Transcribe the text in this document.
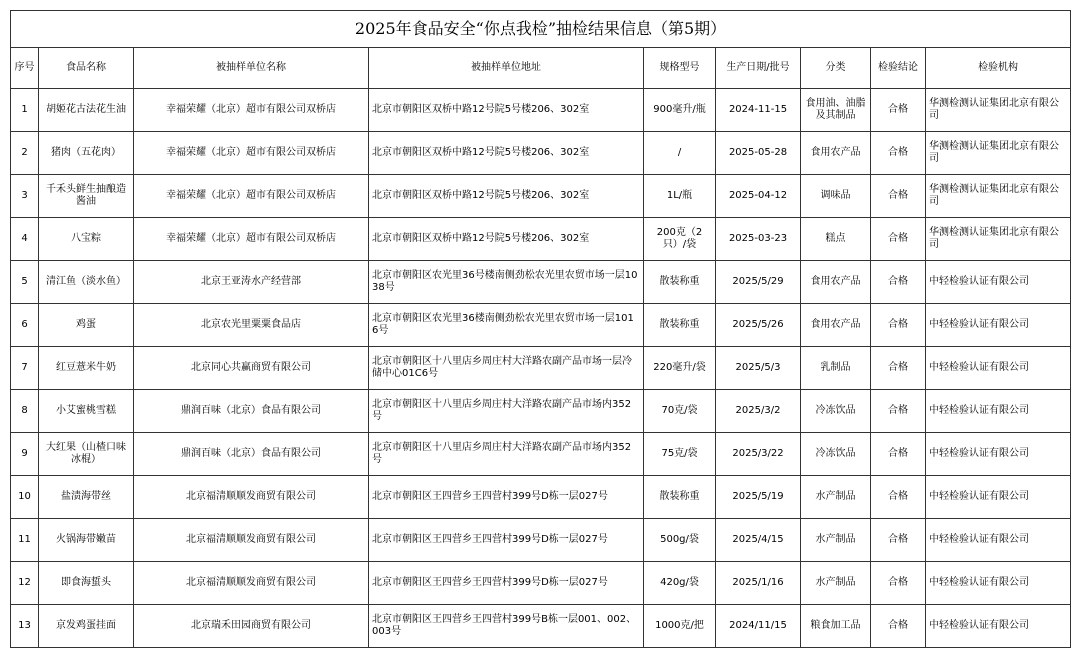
2025年食品安全“你点我检”抽检结果信息（第5期）								
序号	食品名称	被抽样单位名称	被抽样单位地址	规格型号	生产日期/批号	分类	检验结论	检验机构
1	胡姬花古法花生油	幸福荣耀（北京）超市有限公司双桥店	北京市朝阳区双桥中路12号院5号楼206、302室	900毫升/瓶	2024-11-15	食用油、油脂及其制品	合格	华测检测认证集团北京有限公司
2	猪肉（五花肉）	幸福荣耀（北京）超市有限公司双桥店	北京市朝阳区双桥中路12号院5号楼206、302室	/	2025-05-28	食用农产品	合格	华测检测认证集团北京有限公司
3	千禾头鲜生抽酿造酱油	幸福荣耀（北京）超市有限公司双桥店	北京市朝阳区双桥中路12号院5号楼206、302室	1L/瓶	2025-04-12	调味品	合格	华测检测认证集团北京有限公司
4	八宝粽	幸福荣耀（北京）超市有限公司双桥店	北京市朝阳区双桥中路12号院5号楼206、302室	200克（2只）/袋	2025-03-23	糕点	合格	华测检测认证集团北京有限公司
5	清江鱼（淡水鱼）	北京王亚涛水产经营部	北京市朝阳区农光里36号楼南侧劲松农光里农贸市场一层1038号	散装称重	2025/5/29	食用农产品	合格	中轻检验认证有限公司
6	鸡蛋	北京农光里粟粟食品店	北京市朝阳区农光里36楼南侧劲松农光里农贸市场一层1016号	散装称重	2025/5/26	食用农产品	合格	中轻检验认证有限公司
7	红豆薏米牛奶	北京同心共赢商贸有限公司	北京市朝阳区十八里店乡周庄村大洋路农副产品市场一层冷储中心01C6号	220毫升/袋	2025/5/3	乳制品	合格	中轻检验认证有限公司
8	小艾蜜桃雪糕	鼎润百味（北京）食品有限公司	北京市朝阳区十八里店乡周庄村大洋路农副产品市场内352号	70克/袋	2025/3/2	冷冻饮品	合格	中轻检验认证有限公司
9	大红果（山楂口味冰棍）	鼎润百味（北京）食品有限公司	北京市朝阳区十八里店乡周庄村大洋路农副产品市场内352号	75克/袋	2025/3/22	冷冻饮品	合格	中轻检验认证有限公司
10	盐渍海带丝	北京福清顺顺发商贸有限公司	北京市朝阳区王四营乡王四营村399号D栋一层027号	散装称重	2025/5/19	水产制品	合格	中轻检验认证有限公司
11	火锅海带嫩苗	北京福清顺顺发商贸有限公司	北京市朝阳区王四营乡王四营村399号D栋一层027号	500g/袋	2025/4/15	水产制品	合格	中轻检验认证有限公司
12	即食海蜇头	北京福清顺顺发商贸有限公司	北京市朝阳区王四营乡王四营村399号D栋一层027号	420g/袋	2025/1/16	水产制品	合格	中轻检验认证有限公司
13	京发鸡蛋挂面	北京瑞禾田园商贸有限公司	北京市朝阳区王四营乡王四营村399号B栋一层001、002、003号	1000克/把	2024/11/15	粮食加工品	合格	中轻检验认证有限公司
